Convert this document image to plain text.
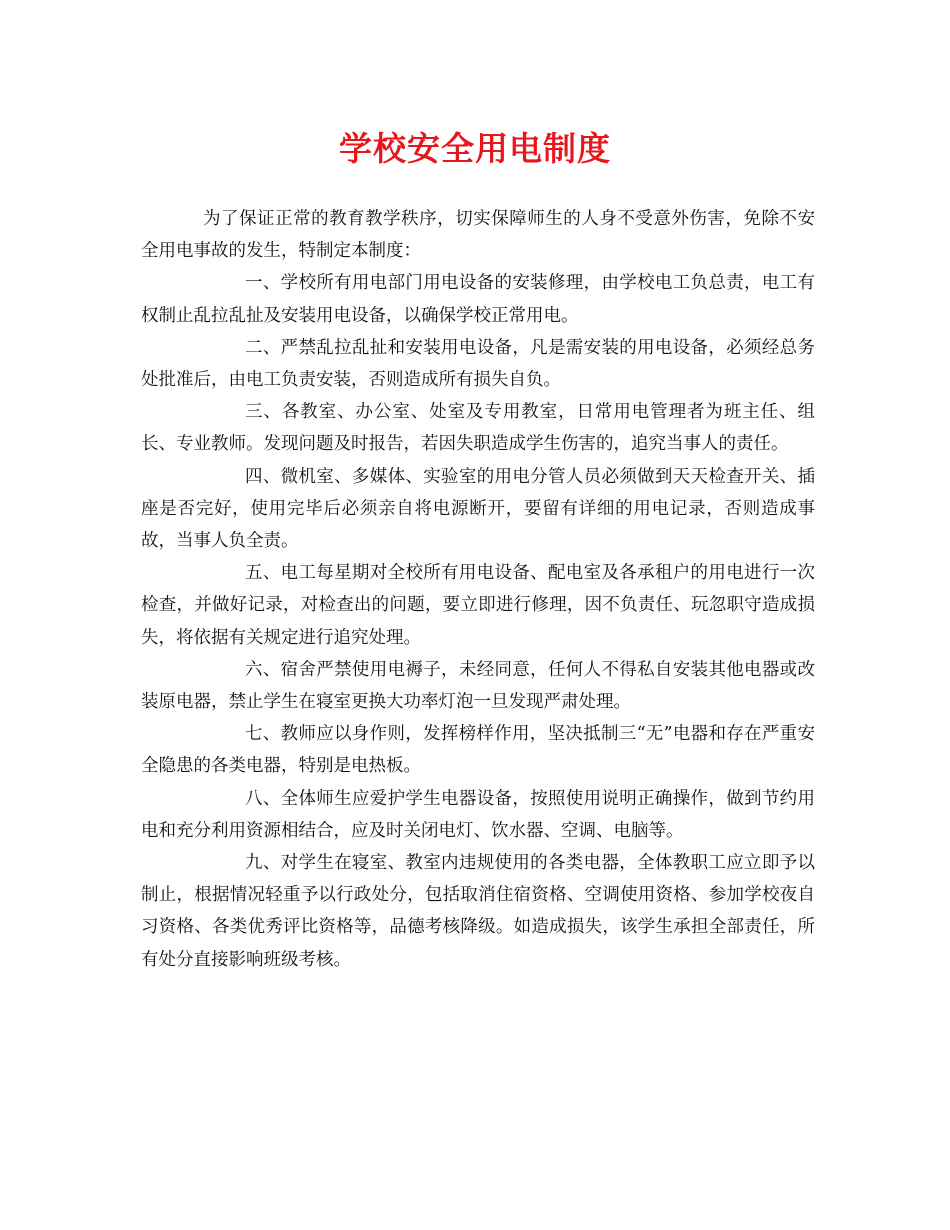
学校安全用电制度

为了保证正常的教育教学秩序，切实保障师生的人身不受意外伤害，免除不安全用电事故的发生，特制定本制度：

一、学校所有用电部门用电设备的安装修理，由学校电工负总责，电工有权制止乱拉乱扯及安装用电设备，以确保学校正常用电。

二、严禁乱拉乱扯和安装用电设备，凡是需安装的用电设备，必须经总务处批准后，由电工负责安装，否则造成所有损失自负。

三、各教室、办公室、处室及专用教室，日常用电管理者为班主任、组长、专业教师。发现问题及时报告，若因失职造成学生伤害的，追究当事人的责任。

四、微机室、多媒体、实验室的用电分管人员必须做到天天检查开关、插座是否完好，使用完毕后必须亲自将电源断开，要留有详细的用电记录，否则造成事故，当事人负全责。

五、电工每星期对全校所有用电设备、配电室及各承租户的用电进行一次检查，并做好记录，对检查出的问题，要立即进行修理，因不负责任、玩忽职守造成损失，将依据有关规定进行追究处理。

六、宿舍严禁使用电褥子，未经同意，任何人不得私自安装其他电器或改装原电器，禁止学生在寝室更换大功率灯泡一旦发现严肃处理。

七、教师应以身作则，发挥榜样作用，坚决抵制三“无”电器和存在严重安全隐患的各类电器，特别是电热板。

八、全体师生应爱护学生电器设备，按照使用说明正确操作，做到节约用电和充分利用资源相结合，应及时关闭电灯、饮水器、空调、电脑等。

九、对学生在寝室、教室内违规使用的各类电器，全体教职工应立即予以制止，根据情况轻重予以行政处分，包括取消住宿资格、空调使用资格、参加学校夜自习资格、各类优秀评比资格等，品德考核降级。如造成损失，该学生承担全部责任，所有处分直接影响班级考核。
